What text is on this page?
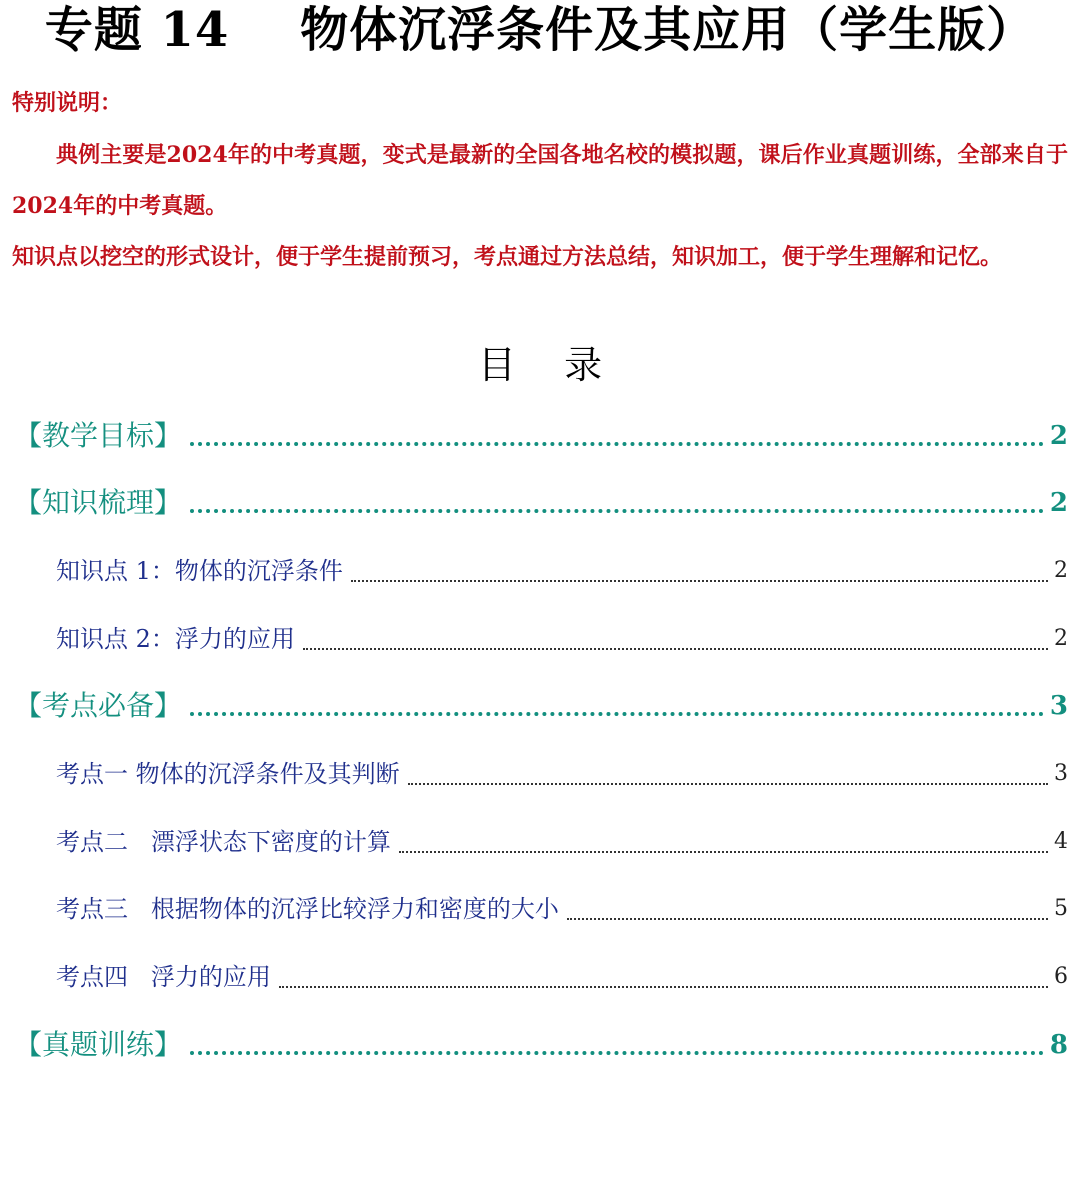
专题 14    物体沉浮条件及其应用（学生版）
特别说明：
典例主要是2024年的中考真题，变式是最新的全国各地名校的模拟题，课后作业真题训练，全部来自于2024年的中考真题。
知识点以挖空的形式设计，便于学生提前预习，考点通过方法总结，知识加工，便于学生理解和记忆。
目    录
【教学目标】	2
【知识梳理】	2
知识点 1：物体的沉浮条件	2
知识点 2：浮力的应用	2
【考点必备】	3
考点一 物体的沉浮条件及其判断	3
考点二   漂浮状态下密度的计算	4
考点三   根据物体的沉浮比较浮力和密度的大小	5
考点四   浮力的应用	6
【真题训练】	8
